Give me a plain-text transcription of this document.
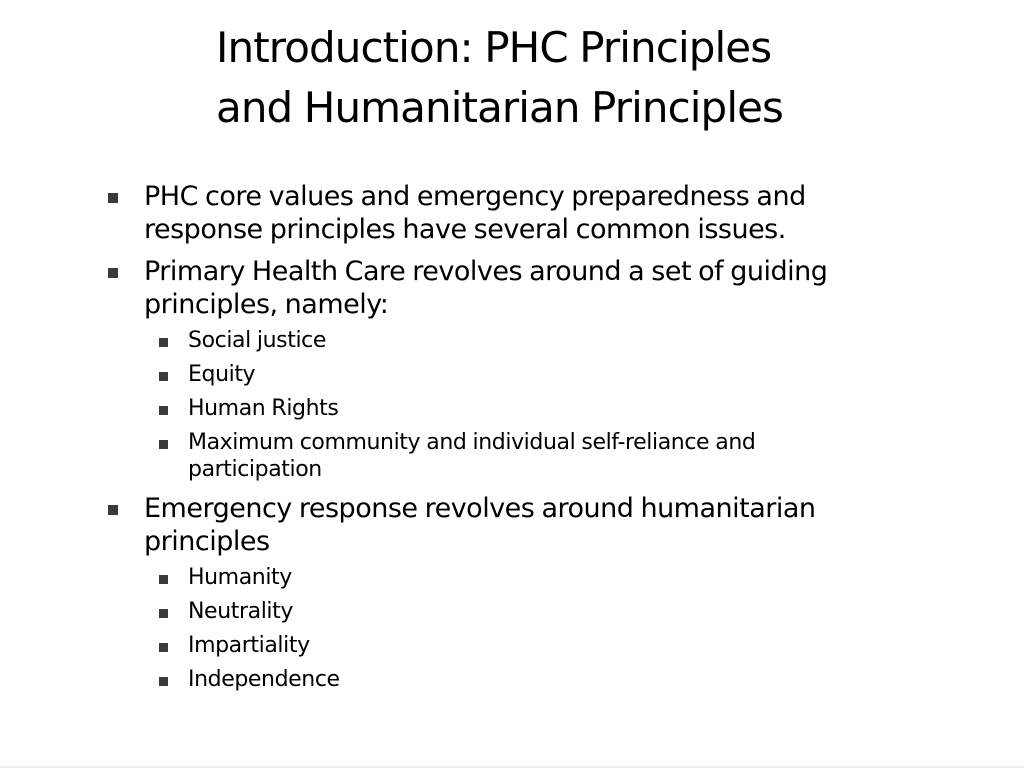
Introduction: PHC Principles
and Humanitarian Principles
PHC core values and emergency preparedness and
response principles have several common issues.
Primary Health Care revolves around a set of guiding
principles, namely:
Social justice
Equity
Human Rights
Maximum community and individual self-reliance and
participation
Emergency response revolves around humanitarian
principles
Humanity
Neutrality
Impartiality
Independence
